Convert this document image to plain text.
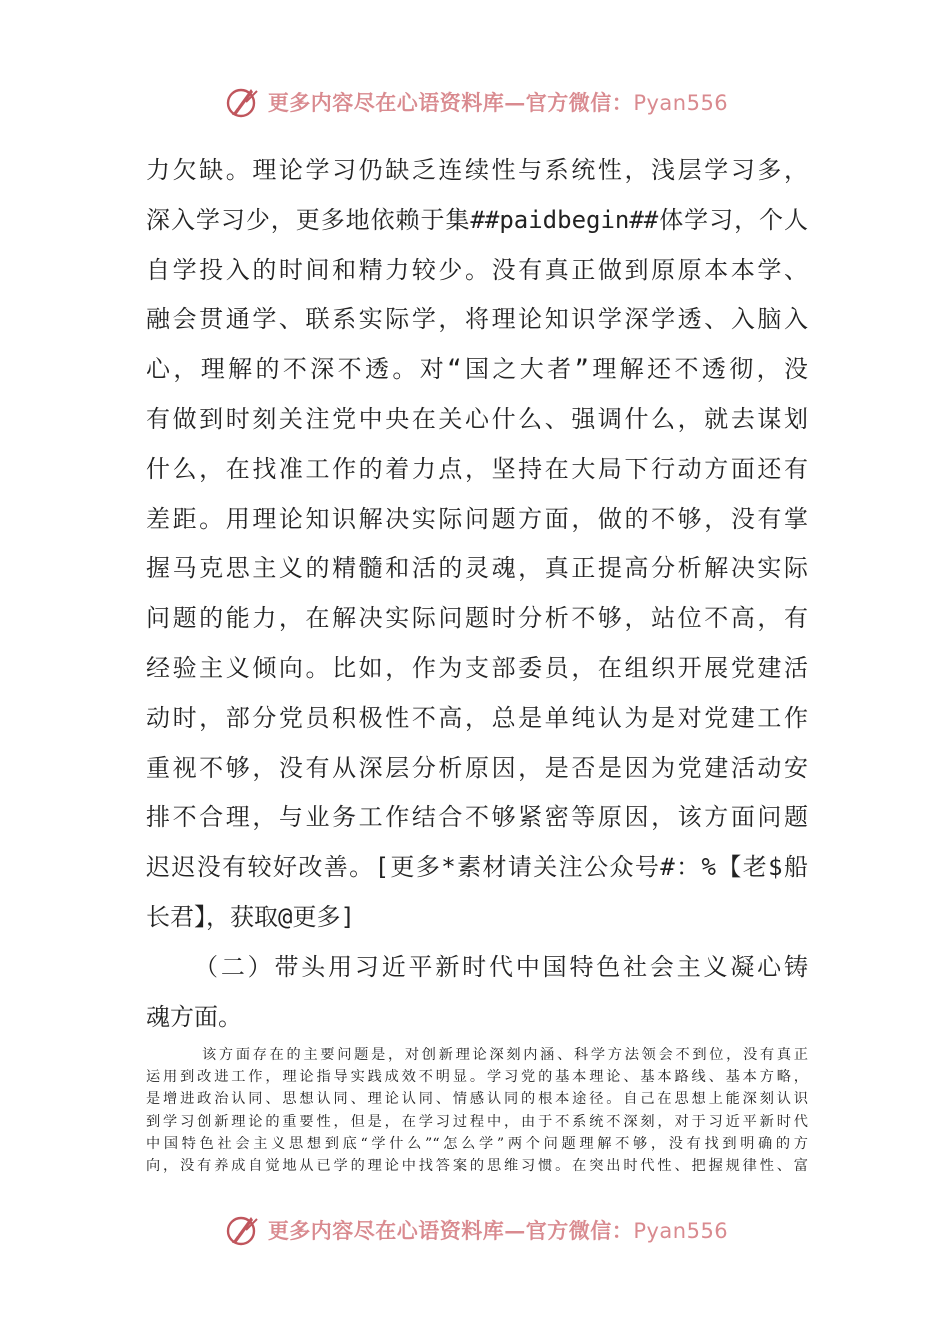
更多内容尽在心语资料库—官方微信：Pyan556
力欠缺。理论学习仍缺乏连续性与系统性，浅层学习多，
深入学习少，更多地依赖于集##paidbegin##体学习，个人
自学投入的时间和精力较少。没有真正做到原原本本学、
融会贯通学、联系实际学，将理论知识学深学透、入脑入
心，理解的不深不透。对“国之大者”理解还不透彻，没
有做到时刻关注党中央在关心什么、强调什么，就去谋划
什么，在找准工作的着力点，坚持在大局下行动方面还有
差距。用理论知识解决实际问题方面，做的不够，没有掌
握马克思主义的精髓和活的灵魂，真正提高分析解决实际
问题的能力，在解决实际问题时分析不够，站位不高，有
经验主义倾向。比如，作为支部委员，在组织开展党建活
动时，部分党员积极性不高，总是单纯认为是对党建工作
重视不够，没有从深层分析原因，是否是因为党建活动安
排不合理，与业务工作结合不够紧密等原因，该方面问题
迟迟没有较好改善。[更多*素材请关注公众号#：%【老$船
长君】，获取@更多]
（二）带头用习近平新时代中国特色社会主义凝心铸
魂方面。
该方面存在的主要问题是，对创新理论深刻内涵、科学方法领会不到位，没有真正
运用到改进工作，理论指导实践成效不明显。学习党的基本理论、基本路线、基本方略，
是增进政治认同、思想认同、理论认同、情感认同的根本途径。自己在思想上能深刻认识
到学习创新理论的重要性，但是，在学习过程中，由于不系统不深刻，对于习近平新时代
中国特色社会主义思想到底“学什么”“怎么学”两个问题理解不够，没有找到明确的方
向，没有养成自觉地从已学的理论中找答案的思维习惯。在突出时代性、把握规律性、富
更多内容尽在心语资料库—官方微信：Pyan556
